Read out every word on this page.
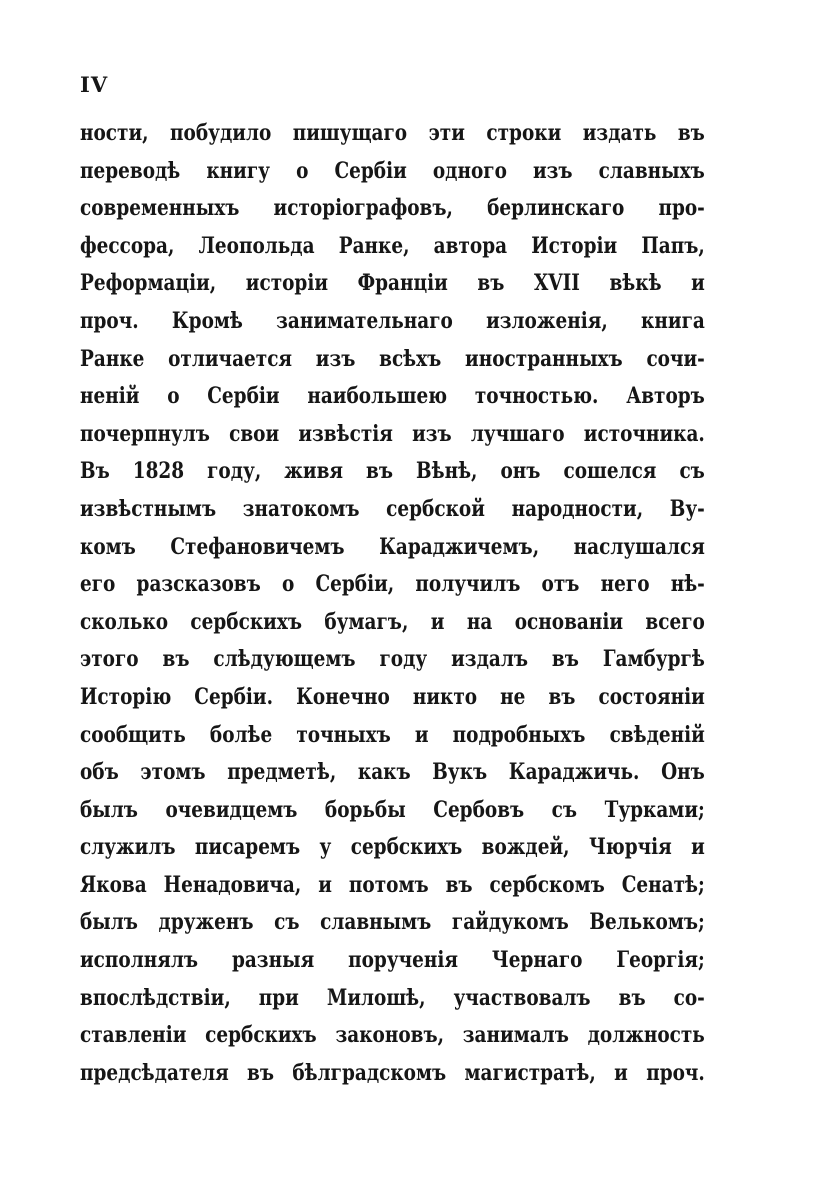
IV
ности, побудило пишущаго эти строки издать въ
переводѣ книгу о Сербіи одного изъ славныхъ
современныхъ исторіографовъ, берлинскаго про-
фессора, Леопольда Ранке, автора Исторіи Папъ,
Реформаціи, исторіи Франціи въ XVII вѣкѣ и
проч. Кромѣ занимательнаго изложенія, книга
Ранке отличается изъ всѣхъ иностранныхъ сочи-
неній о Сербіи наибольшею точностью. Авторъ
почерпнулъ свои извѣстія изъ лучшаго источника.
Въ 1828 году, живя въ Вѣнѣ, онъ сошелся съ
извѣстнымъ знатокомъ сербской народности, Ву-
комъ Стефановичемъ Караджичемъ, наслушался
его разсказовъ о Сербіи, получилъ отъ него нѣ-
сколько сербскихъ бумагъ, и на основаніи всего
этого въ слѣдующемъ году издалъ въ Гамбургѣ
Исторію Сербіи. Конечно никто не въ состояніи
сообщить болѣе точныхъ и подробныхъ свѣденій
объ этомъ предметѣ, какъ Вукъ Караджичь. Онъ
былъ очевидцемъ борьбы Сербовъ съ Турками;
служилъ писаремъ у сербскихъ вождей, Чюрчія и
Якова Ненадовича, и потомъ въ сербскомъ Сенатѣ;
былъ друженъ съ славнымъ гайдукомъ Велькомъ;
исполнялъ разныя порученія Чернаго Георгія;
впослѣдствіи, при Милошѣ, участвовалъ въ со-
ставленіи сербскихъ законовъ, занималъ должность
предсѣдателя въ бѣлградскомъ магистратѣ, и проч.
